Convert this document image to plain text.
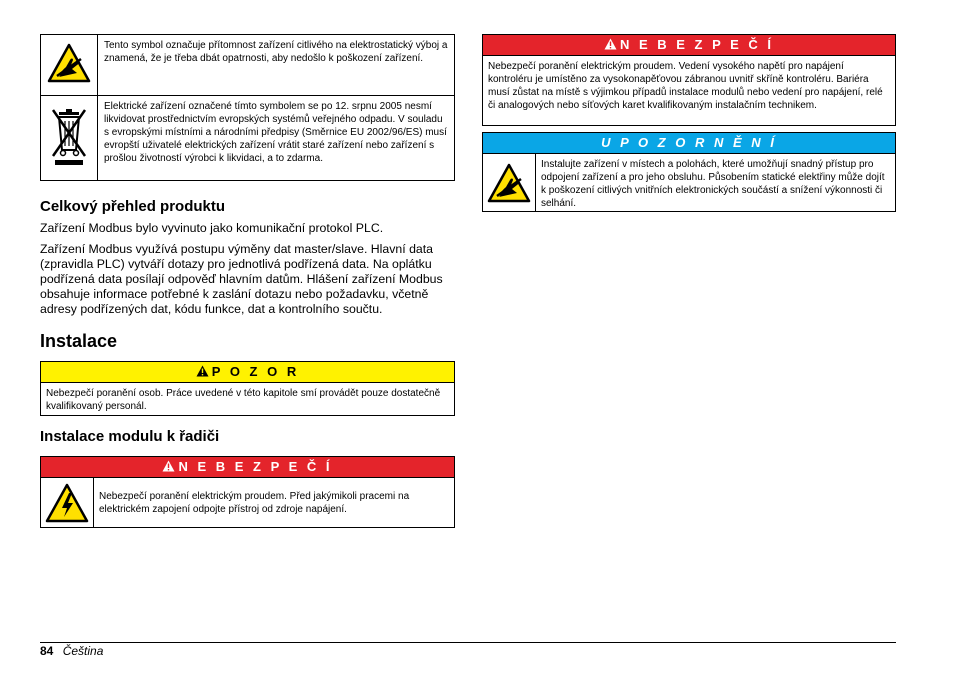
	Tento symbol označuje přítomnost zařízení citlivého na elektrostatický výboj a znamená, že je třeba dbát opatrnosti, aby nedošlo k poškození zařízení.
	Elektrické zařízení označené tímto symbolem se po 12. srpnu 2005 nesmí likvidovat prostřednictvím evropských systémů veřejného odpadu. V souladu s evropskými místními a národními předpisy (Směrnice EU 2002/96/ES) musí evropští uživatelé elektrických zařízení vrátit staré zařízení nebo zařízení s prošlou životností výrobci k likvidaci, a to zdarma.
Celkový přehled produktu

Zařízení Modbus bylo vyvinuto jako komunikační protokol PLC.

Zařízení Modbus využívá postupu výměny dat master/slave. Hlavní data (zpravidla PLC) vytváří dotazy pro jednotlivá podřízená data. Na oplátku podřízená data posílají odpověď hlavním datům. Hlášení zařízení Modbus obsahuje informace potřebné k zaslání dotazu nebo požadavku, včetně adresy podřízených dat, kódu funkce, dat a kontrolního součtu.

Instalace
P O Z O R
Nebezpečí poranění osob. Práce uvedené v této kapitole smí provádět pouze dostatečně kvalifikovaný personál.
Instalace modulu k řadiči
N E B E Z P E Č Í
Nebezpečí poranění elektrickým proudem. Před jakýmikoli pracemi na elektrickém zapojení odpojte přístroj od zdroje napájení.
N E B E Z P E Č Í
Nebezpečí poranění elektrickým proudem. Vedení vysokého napětí pro napájení kontroléru je umístěno za vysokonapěťovou zábranou uvnitř skříně kontroléru. Bariéra musí zůstat na místě s výjimkou případů instalace modulů nebo vedení pro napájení, relé či analogových nebo síťových karet kvalifikovaným instalačním technikem.
U P O Z O R N Ě N Í
Instalujte zařízení v místech a polohách, které umožňují snadný přístup pro odpojení zařízení a pro jeho obsluhu. Působením statické elektřiny může dojít k poškození citlivých vnitřních elektronických součástí a snížení výkonnosti či selhání.
84 Čeština
